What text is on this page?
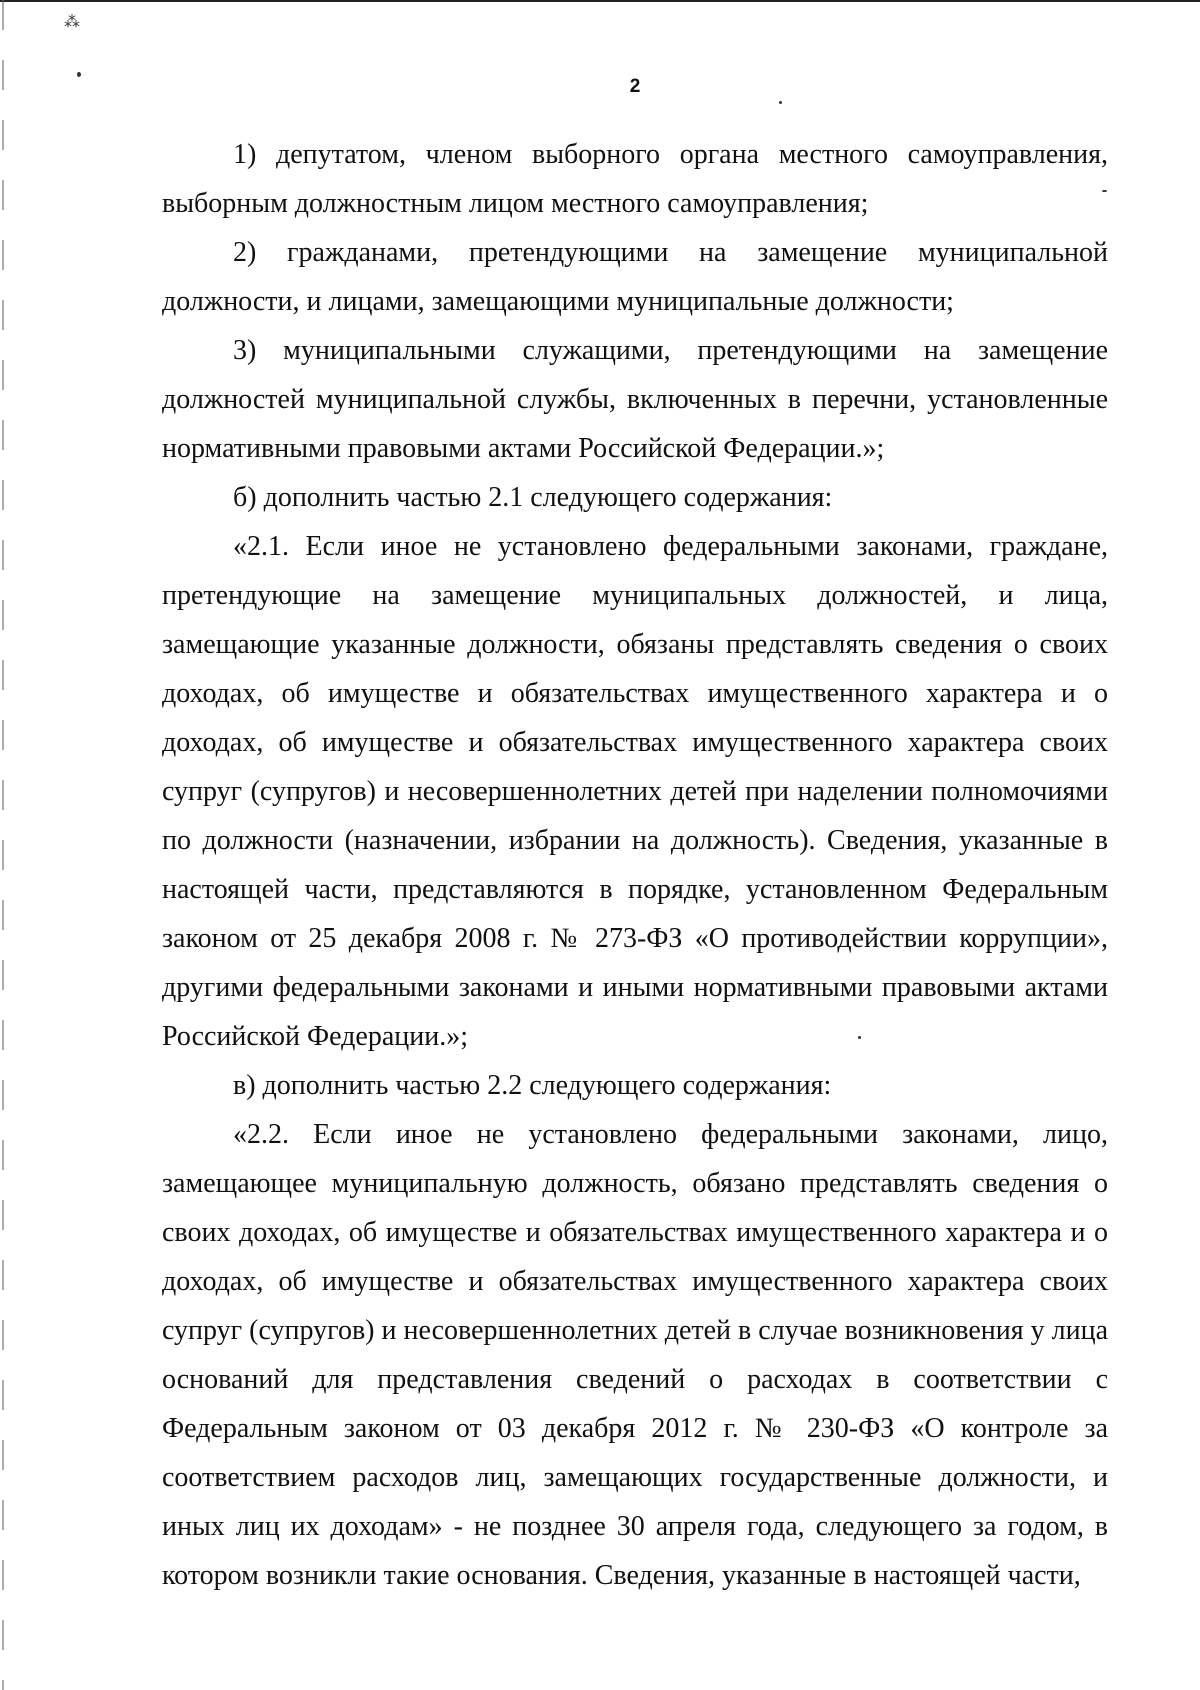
⁂
2

1) депутатом, членом выборного органа местного самоуправления, выборным должностным лицом местного самоуправления;

2) гражданами, претендующими на замещение муниципальной должности, и лицами, замещающими муниципальные должности;

3) муниципальными служащими, претендующими на замещение должностей муниципальной службы, включенных в перечни, установленные нормативными правовыми актами Российской Федерации.»;

б) дополнить частью 2.1 следующего содержания:

«2.1. Если иное не установлено федеральными законами, граждане, претендующие на замещение муниципальных должностей, и лица, замещающие указанные должности, обязаны представлять сведения о своих доходах, об имуществе и обязательствах имущественного характера и о доходах, об имуществе и обязательствах имущественного характера своих супруг (супругов) и несовершеннолетних детей при наделении полномочиями по должности (назначении, избрании на должность). Сведения, указанные в настоящей части, представляются в порядке, установленном Федеральным законом от 25 декабря 2008 г. № 273-ФЗ «О противодействии коррупции», другими федеральными законами и иными нормативными правовыми актами Российской Федерации.»;

в) дополнить частью 2.2 следующего содержания:

«2.2. Если иное не установлено федеральными законами, лицо, замещающее муниципальную должность, обязано представлять сведения о своих доходах, об имуществе и обязательствах имущественного характера и о доходах, об имуществе и обязательствах имущественного характера своих супруг (супругов) и несовершеннолетних детей в случае возникновения у лица оснований для представления сведений о расходах в соответствии с Федеральным законом от 03 декабря 2012 г. № 230-ФЗ «О контроле за соответствием расходов лиц, замещающих государственные должности, и иных лиц их доходам» - не позднее 30 апреля года, следующего за годом, в котором возникли такие основания. Сведения, указанные в настоящей части,
